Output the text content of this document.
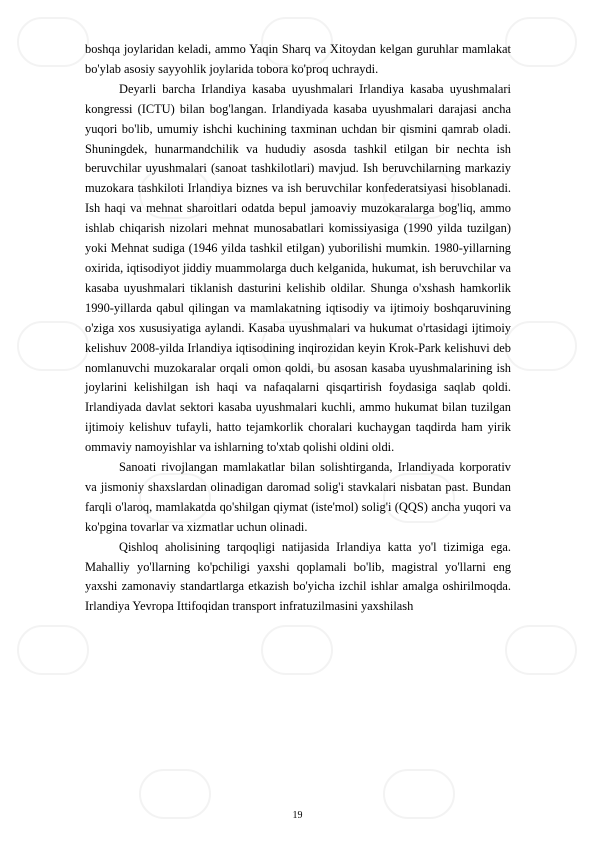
boshqa joylaridan keladi, ammo Yaqin Sharq va Xitoydan kelgan guruhlar mamlakat bo'ylab asosiy sayyohlik joylarida tobora ko'proq uchraydi.

Deyarli barcha Irlandiya kasaba uyushmalari Irlandiya kasaba uyushmalari kongressi (ICTU) bilan bog'langan. Irlandiyada kasaba uyushmalari darajasi ancha yuqori bo'lib, umumiy ishchi kuchining taxminan uchdan bir qismini qamrab oladi. Shuningdek, hunarmandchilik va hududiy asosda tashkil etilgan bir nechta ish beruvchilar uyushmalari (sanoat tashkilotlari) mavjud. Ish beruvchilarning markaziy muzokara tashkiloti Irlandiya biznes va ish beruvchilar konfederatsiyasi hisoblanadi. Ish haqi va mehnat sharoitlari odatda bepul jamoaviy muzokaralarga bog'liq, ammo ishlab chiqarish nizolari mehnat munosabatlari komissiyasiga (1990 yilda tuzilgan) yoki Mehnat sudiga (1946 yilda tashkil etilgan) yuborilishi mumkin. 1980-yillarning oxirida, iqtisodiyot jiddiy muammolarga duch kelganida, hukumat, ish beruvchilar va kasaba uyushmalari tiklanish dasturini kelishib oldilar. Shunga o'xshash hamkorlik 1990-yillarda qabul qilingan va mamlakatning iqtisodiy va ijtimoiy boshqaruvining o'ziga xos xususiyatiga aylandi. Kasaba uyushmalari va hukumat o'rtasidagi ijtimoiy kelishuv 2008-yilda Irlandiya iqtisodining inqirozidan keyin Krok-Park kelishuvi deb nomlanuvchi muzokaralar orqali omon qoldi, bu asosan kasaba uyushmalarining ish joylarini kelishilgan ish haqi va nafaqalarni qisqartirish foydasiga saqlab qoldi. Irlandiyada davlat sektori kasaba uyushmalari kuchli, ammo hukumat bilan tuzilgan ijtimoiy kelishuv tufayli, hatto tejamkorlik choralari kuchaygan taqdirda ham yirik ommaviy namoyishlar va ishlarning to'xtab qolishi oldini oldi.

Sanoati rivojlangan mamlakatlar bilan solishtirganda, Irlandiyada korporativ va jismoniy shaxslardan olinadigan daromad solig'i stavkalari nisbatan past. Bundan farqli o'laroq, mamlakatda qo'shilgan qiymat (iste'mol) solig'i (QQS) ancha yuqori va ko'pgina tovarlar va xizmatlar uchun olinadi.

Qishloq aholisining tarqoqligi natijasida Irlandiya katta yo'l tizimiga ega. Mahalliy yo'llarning ko'pchiligi yaxshi qoplamali bo'lib, magistral yo'llarni eng yaxshi zamonaviy standartlarga etkazish bo'yicha izchil ishlar amalga oshirilmoqda. Irlandiya Yevropa Ittifoqidan transport infratuzilmasini yaxshilash

19
